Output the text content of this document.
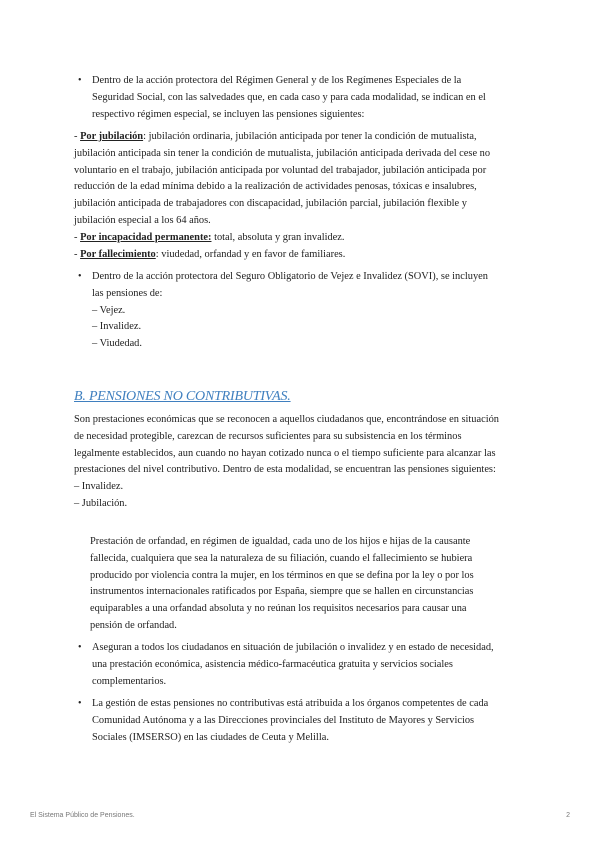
• Dentro de la acción protectora del Régimen General y de los Regímenes Especiales de la
Seguridad Social, con las salvedades que, en cada caso y para cada modalidad, se indican en el
respectivo régimen especial, se incluyen las pensiones siguientes:
- Por jubilación: jubilación ordinaria, jubilación anticipada por tener la condición de mutualista,
jubilación anticipada sin tener la condición de mutualista, jubilación anticipada derivada del cese no
voluntario en el trabajo, jubilación anticipada por voluntad del trabajador, jubilación anticipada por
reducción de la edad mínima debido a la realización de actividades penosas, tóxicas e insalubres,
jubilación anticipada de trabajadores con discapacidad, jubilación parcial, jubilación flexible y
jubilación especial a los 64 años.
- Por incapacidad permanente: total, absoluta y gran invalidez.
- Por fallecimiento: viudedad, orfandad y en favor de familiares.
• Dentro de la acción protectora del Seguro Obligatorio de Vejez e Invalidez (SOVI), se incluyen
las pensiones de:
– Vejez.
– Invalidez.
– Viudedad.
B. PENSIONES NO CONTRIBUTIVAS.
Son prestaciones económicas que se reconocen a aquellos ciudadanos que, encontrándose en situación
de necesidad protegible, carezcan de recursos suficientes para su subsistencia en los términos
legalmente establecidos, aun cuando no hayan cotizado nunca o el tiempo suficiente para alcanzar las
prestaciones del nivel contributivo. Dentro de esta modalidad, se encuentran las pensiones siguientes:
– Invalidez.
– Jubilación.
Prestación de orfandad, en régimen de igualdad, cada uno de los hijos e hijas de la causante
fallecida, cualquiera que sea la naturaleza de su filiación, cuando el fallecimiento se hubiera
producido por violencia contra la mujer, en los términos en que se defina por la ley o por los
instrumentos internacionales ratificados por España, siempre que se hallen en circunstancias
equiparables a una orfandad absoluta y no reúnan los requisitos necesarios para causar una
pensión de orfandad.
• Aseguran a todos los ciudadanos en situación de jubilación o invalidez y en estado de necesidad,
una prestación económica, asistencia médico-farmacéutica gratuita y servicios sociales
complementarios.
• La gestión de estas pensiones no contributivas está atribuida a los órganos competentes de cada
Comunidad Autónoma y a las Direcciones provinciales del Instituto de Mayores y Servicios
Sociales (IMSERSO) en las ciudades de Ceuta y Melilla.
El Sistema Público de Pensiones.	2
